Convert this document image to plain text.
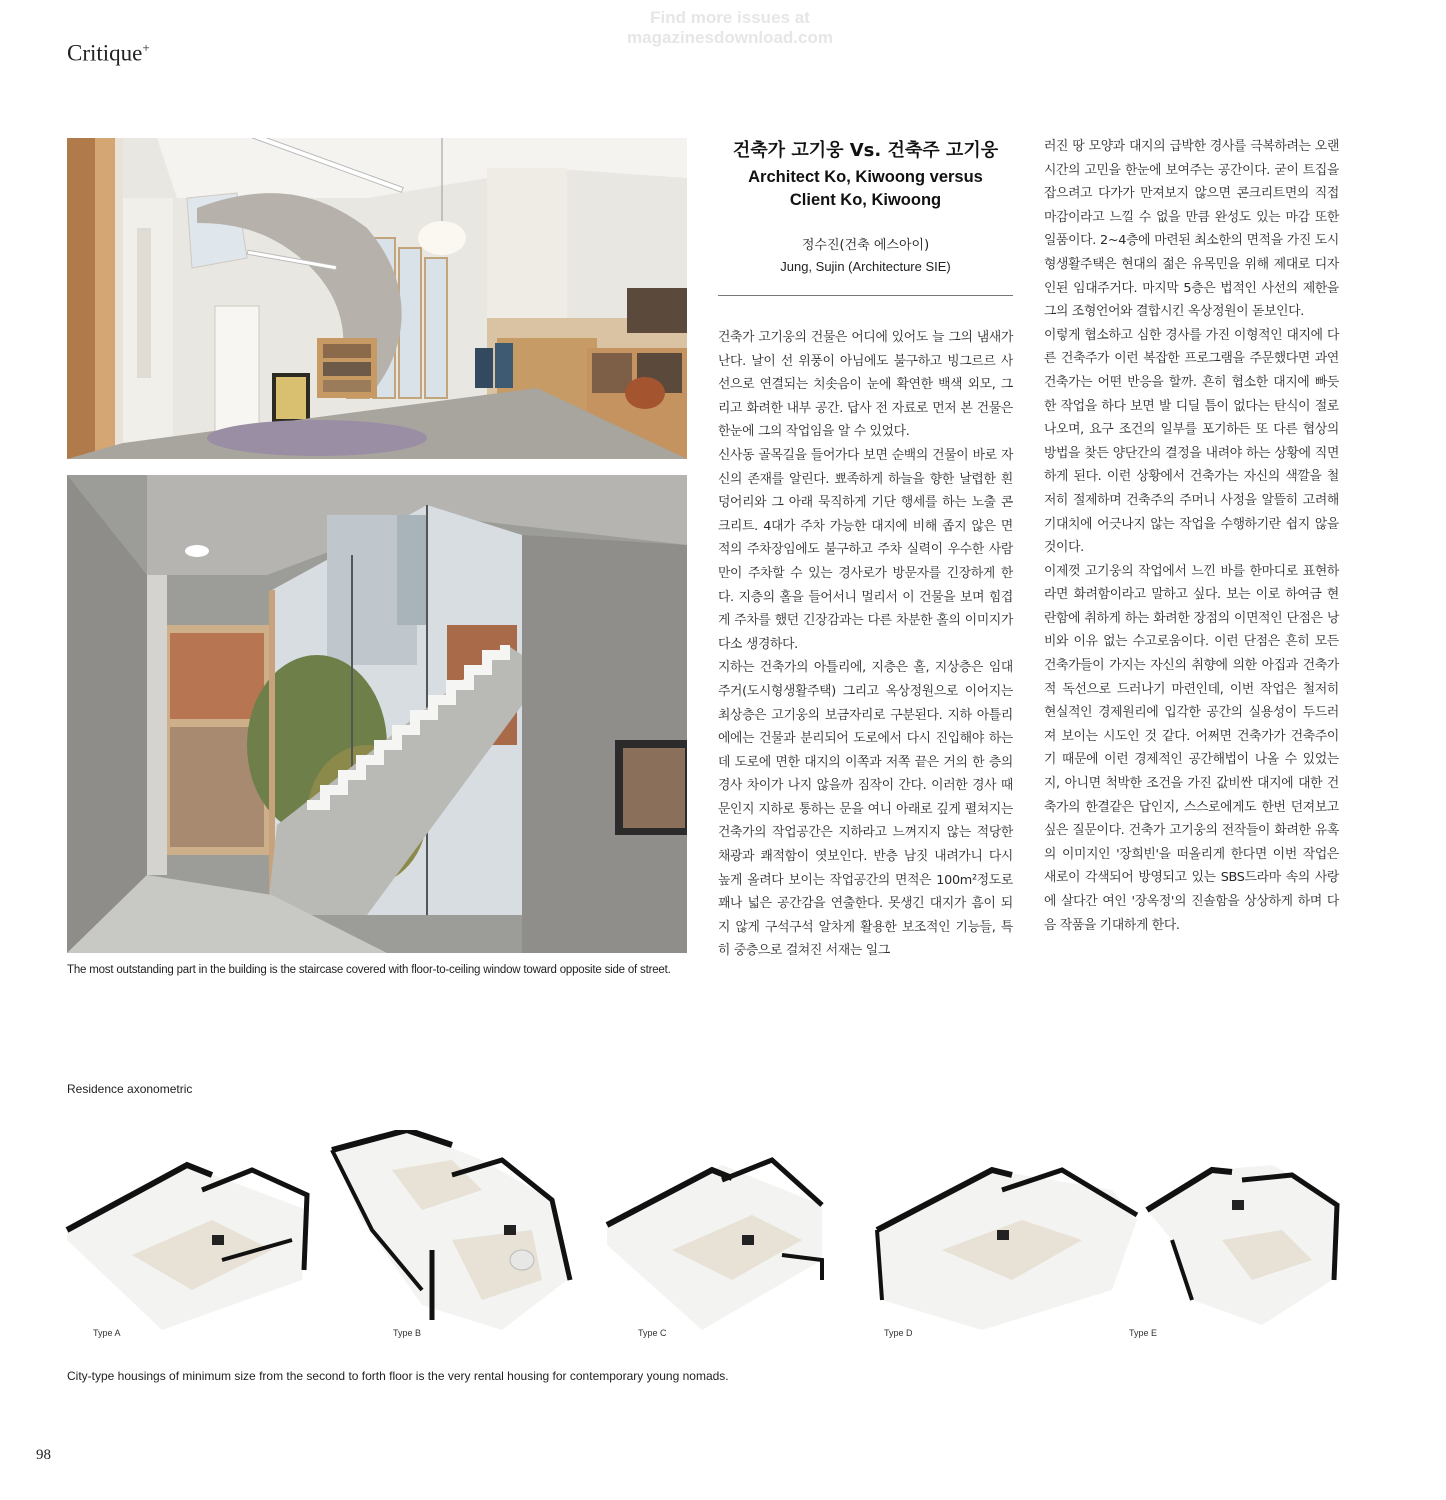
Find more issues at
magazinesdownload.com
Critique+
The most outstanding part in the building is the staircase covered with floor-to-ceiling window toward opposite side of street.

건축가 고기웅 Vs. 건축주 고기웅

Architect Ko, Kiwoong versus
Client Ko, Kiwoong

정수진(건축 에스아이)
Jung, Sujin (Architecture SIE)

건축가 고기웅의 건물은 어디에 있어도 늘 그의 냄새가 난다. 날이 선 위풍이 아님에도 불구하고 빙그르르 사선으로 연결되는 치솟음이 눈에 확연한 백색 외모, 그리고 화려한 내부 공간. 답사 전 자료로 먼저 본 건물은 한눈에 그의 작업임을 알 수 있었다.

신사동 골목길을 들어가다 보면 순백의 건물이 바로 자신의 존재를 알린다. 뾰족하게 하늘을 향한 날렵한 흰 덩어리와 그 아래 묵직하게 기단 행세를 하는 노출 콘크리트. 4대가 주차 가능한 대지에 비해 좁지 않은 면적의 주차장임에도 불구하고 주차 실력이 우수한 사람만이 주차할 수 있는 경사로가 방문자를 긴장하게 한다. 지층의 홀을 들어서니 멀리서 이 건물을 보며 힘겹게 주차를 했던 긴장감과는 다른 차분한 홀의 이미지가 다소 생경하다.

지하는 건축가의 아틀리에, 지층은 홀, 지상층은 임대주거(도시형생활주택) 그리고 옥상정원으로 이어지는 최상층은 고기웅의 보금자리로 구분된다. 지하 아틀리에에는 건물과 분리되어 도로에서 다시 진입해야 하는데 도로에 면한 대지의 이쪽과 저쪽 끝은 거의 한 층의 경사 차이가 나지 않을까 짐작이 간다. 이러한 경사 때문인지 지하로 통하는 문을 여니 아래로 깊게 펼쳐지는 건축가의 작업공간은 지하라고 느껴지지 않는 적당한 채광과 쾌적함이 엿보인다. 반층 남짓 내려가니 다시 높게 올려다 보이는 작업공간의 면적은 100m²정도로 꽤나 넓은 공간감을 연출한다. 못생긴 대지가 흠이 되지 않게 구석구석 알차게 활용한 보조적인 기능들, 특히 중층으로 걸쳐진 서재는 일그

러진 땅 모양과 대지의 급박한 경사를 극복하려는 오랜 시간의 고민을 한눈에 보여주는 공간이다. 굳이 트집을 잡으려고 다가가 만져보지 않으면 콘크리트면의 직접마감이라고 느낄 수 없을 만큼 완성도 있는 마감 또한 일품이다. 2~4층에 마련된 최소한의 면적을 가진 도시형생활주택은 현대의 젊은 유목민을 위해 제대로 디자인된 임대주거다. 마지막 5층은 법적인 사선의 제한을 그의 조형언어와 결합시킨 옥상정원이 돋보인다.

이렇게 협소하고 심한 경사를 가진 이형적인 대지에 다른 건축주가 이런 복잡한 프로그램을 주문했다면 과연 건축가는 어떤 반응을 할까. 흔히 협소한 대지에 빠듯한 작업을 하다 보면 발 디딜 틈이 없다는 탄식이 절로 나오며, 요구 조건의 일부를 포기하든 또 다른 협상의 방법을 찾든 양단간의 결정을 내려야 하는 상황에 직면하게 된다. 이런 상황에서 건축가는 자신의 색깔을 철저히 절제하며 건축주의 주머니 사정을 알뜰히 고려해 기대치에 어긋나지 않는 작업을 수행하기란 쉽지 않을 것이다.

이제껏 고기웅의 작업에서 느낀 바를 한마디로 표현하라면 화려함이라고 말하고 싶다. 보는 이로 하여금 현란함에 취하게 하는 화려한 장점의 이면적인 단점은 낭비와 이유 없는 수고로움이다. 이런 단점은 흔히 모든 건축가들이 가지는 자신의 취향에 의한 아집과 건축가적 독선으로 드러나기 마련인데, 이번 작업은 철저히 현실적인 경제원리에 입각한 공간의 실용성이 두드러져 보이는 시도인 것 같다. 어쩌면 건축가가 건축주이기 때문에 이런 경제적인 공간해법이 나올 수 있었는지, 아니면 척박한 조건을 가진 값비싼 대지에 대한 건축가의 한결같은 답인지, 스스로에게도 한번 던져보고 싶은 질문이다. 건축가 고기웅의 전작들이 화려한 유혹의 이미지인 '장희빈'을 떠올리게 한다면 이번 작업은 새로이 각색되어 방영되고 있는 SBS드라마 속의 사랑에 살다간 여인 '장옥정'의 진솔함을 상상하게 하며 다음 작품을 기대하게 한다.

Residence axonometric
Type A	Type B	Type C	Type D	Type E
City-type housings of minimum size from the second to forth floor is the very rental housing for contemporary young nomads.
98
